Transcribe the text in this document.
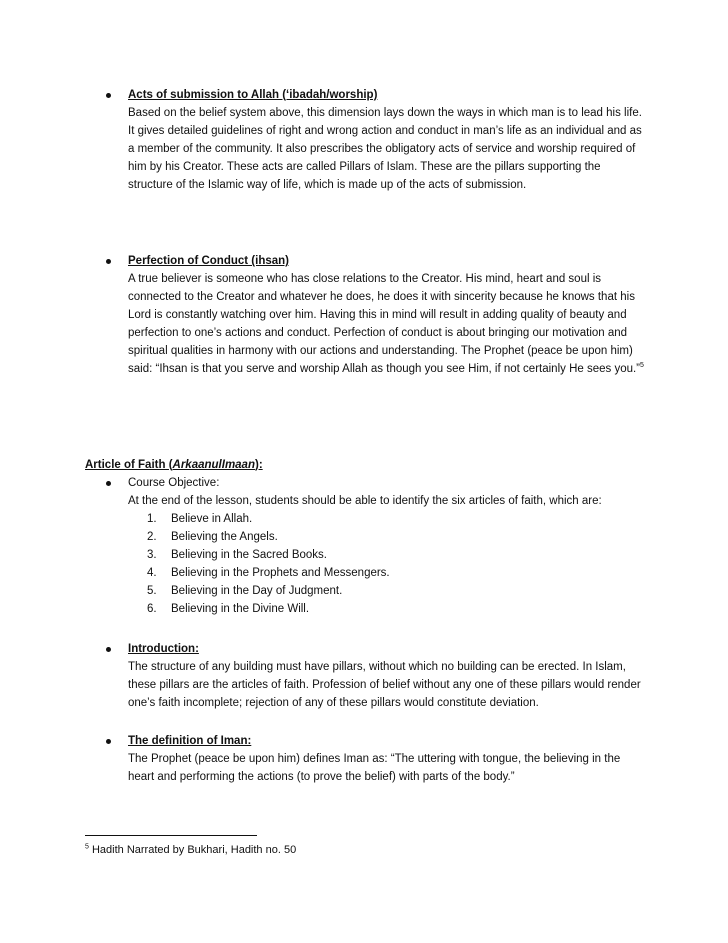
Acts of submission to Allah (‘ibadah/worship)

Based on the belief system above, this dimension lays down the ways in which man is to lead his life. It gives detailed guidelines of right and wrong action and conduct in man’s life as an individual and as a member of the community. It also prescribes the obligatory acts of service and worship required of him by his Creator. These acts are called Pillars of Islam. These are the pillars supporting the structure of the Islamic way of life, which is made up of the acts of submission.

Perfection of Conduct (ihsan)

A true believer is someone who has close relations to the Creator. His mind, heart and soul is connected to the Creator and whatever he does, he does it with sincerity because he knows that his Lord is constantly watching over him. Having this in mind will result in adding quality of beauty and perfection to one’s actions and conduct. Perfection of conduct is about bringing our motivation and spiritual qualities in harmony with our actions and understanding. The Prophet (peace be upon him) said: “Ihsan is that you serve and worship Allah as though you see Him, if not certainly He sees you.”$^5$

Article of Faith (ArkaanulImaan):
Course Objective:
At the end of the lesson, students should be able to identify the six articles of faith, which are:
1. Believe in Allah.
2. Believing the Angels.
3. Believing in the Sacred Books.
4. Believing in the Prophets and Messengers.
5. Believing in the Day of Judgment.
6. Believing in the Divine Will.
Introduction:

The structure of any building must have pillars, without which no building can be erected. In Islam, these pillars are the articles of faith. Profession of belief without any one of these pillars would render one’s faith incomplete; rejection of any of these pillars would constitute deviation.

The definition of Iman:

The Prophet (peace be upon him) defines Iman as: “The uttering with tongue, the believing in the heart and performing the actions (to prove the belief) with parts of the body.”

$^5$ Hadith Narrated by Bukhari, Hadith no. 50
